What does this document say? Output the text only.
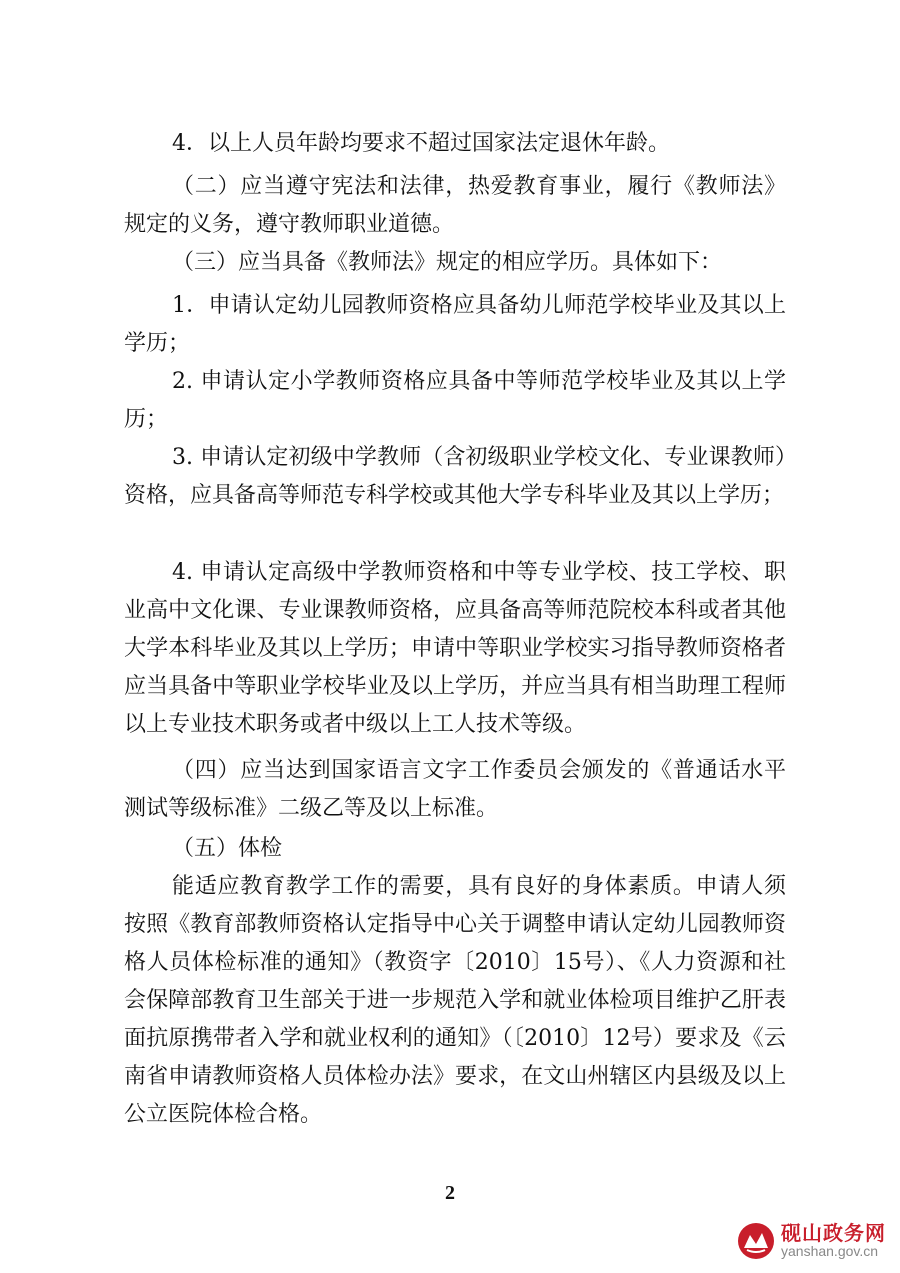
4．以上人员年龄均要求不超过国家法定退休年龄。

（二）应当遵守宪法和法律，热爱教育事业，履行《教师法》规定的义务，遵守教师职业道德。

（三）应当具备《教师法》规定的相应学历。具体如下：

1．申请认定幼儿园教师资格应具备幼儿师范学校毕业及其以上学历；

2. 申请认定小学教师资格应具备中等师范学校毕业及其以上学历；

3. 申请认定初级中学教师（含初级职业学校文化、专业课教师）资格，应具备高等师范专科学校或其他大学专科毕业及其以上学历；

4. 申请认定高级中学教师资格和中等专业学校、技工学校、职业高中文化课、专业课教师资格，应具备高等师范院校本科或者其他大学本科毕业及其以上学历；申请中等职业学校实习指导教师资格者应当具备中等职业学校毕业及以上学历，并应当具有相当助理工程师以上专业技术职务或者中级以上工人技术等级。

（四）应当达到国家语言文字工作委员会颁发的《普通话水平测试等级标准》二级乙等及以上标准。

（五）体检

能适应教育教学工作的需要，具有良好的身体素质。申请人须按照《教育部教师资格认定指导中心关于调整申请认定幼儿园教师资格人员体检标准的通知》（教资字〔2010〕15号）、《人力资源和社会保障部教育卫生部关于进一步规范入学和就业体检项目维护乙肝表面抗原携带者入学和就业权利的通知》（〔2010〕12号）要求及《云南省申请教师资格人员体检办法》要求，在文山州辖区内县级及以上公立医院体检合格。

2
砚山政务网
yanshan.gov.cn
